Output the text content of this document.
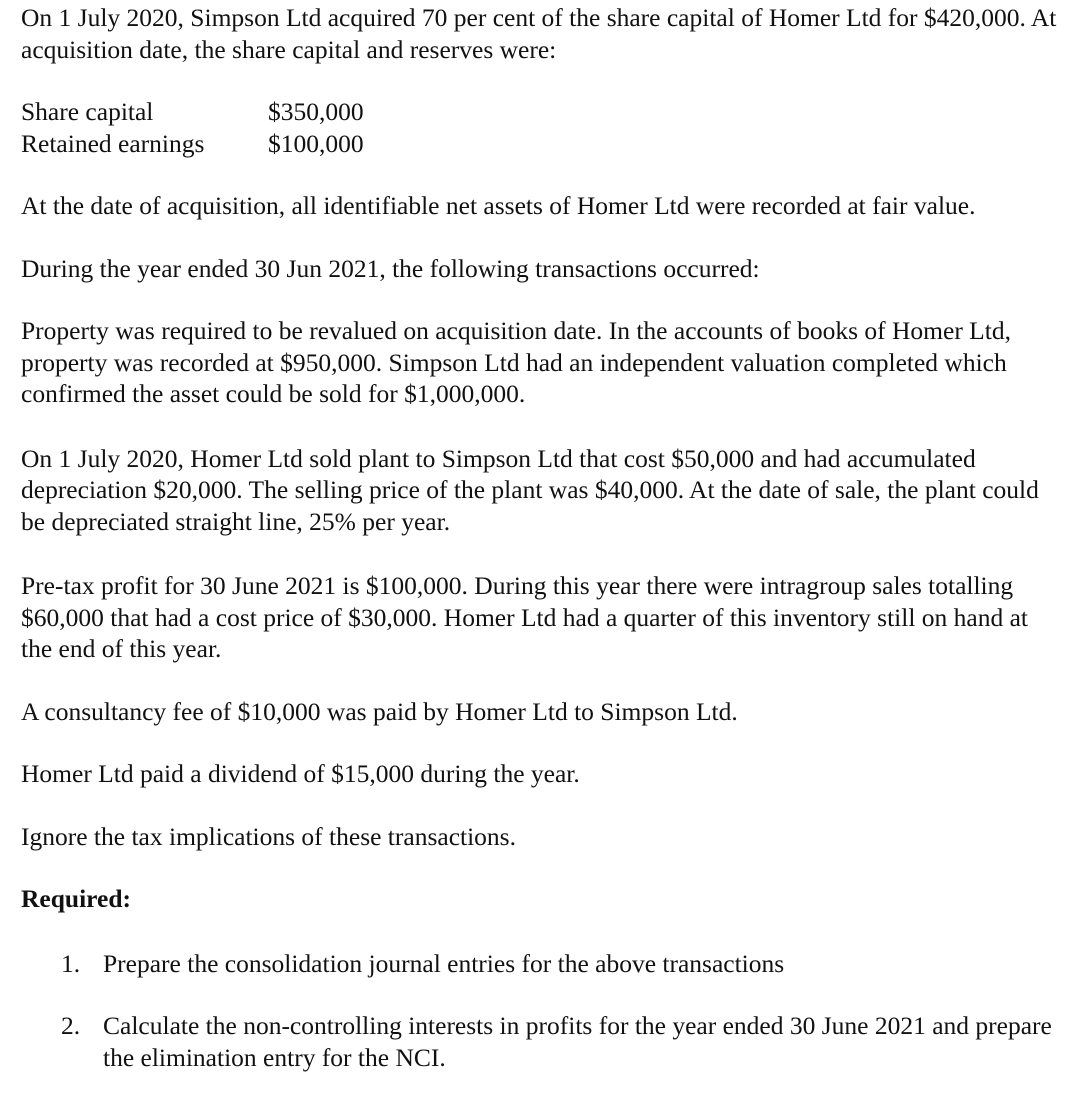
On 1 July 2020, Simpson Ltd acquired 70 per cent of the share capital of Homer Ltd for $420,000. At acquisition date, the share capital and reserves were:

Share capital	$350,000
Retained earnings	$100,000

At the date of acquisition, all identifiable net assets of Homer Ltd were recorded at fair value.

During the year ended 30 Jun 2021, the following transactions occurred:

Property was required to be revalued on acquisition date. In the accounts of books of Homer Ltd, property was recorded at $950,000. Simpson Ltd had an independent valuation completed which confirmed the asset could be sold for $1,000,000.

On 1 July 2020, Homer Ltd sold plant to Simpson Ltd that cost $50,000 and had accumulated depreciation $20,000. The selling price of the plant was $40,000. At the date of sale, the plant could be depreciated straight line, 25% per year.

Pre-tax profit for 30 June 2021 is $100,000. During this year there were intragroup sales totalling $60,000 that had a cost price of $30,000. Homer Ltd had a quarter of this inventory still on hand at the end of this year.

A consultancy fee of $10,000 was paid by Homer Ltd to Simpson Ltd.

Homer Ltd paid a dividend of $15,000 during the year.

Ignore the tax implications of these transactions.

Required:

1. Prepare the consolidation journal entries for the above transactions
2. Calculate the non-controlling interests in profits for the year ended 30 June 2021 and prepare the elimination entry for the NCI.
